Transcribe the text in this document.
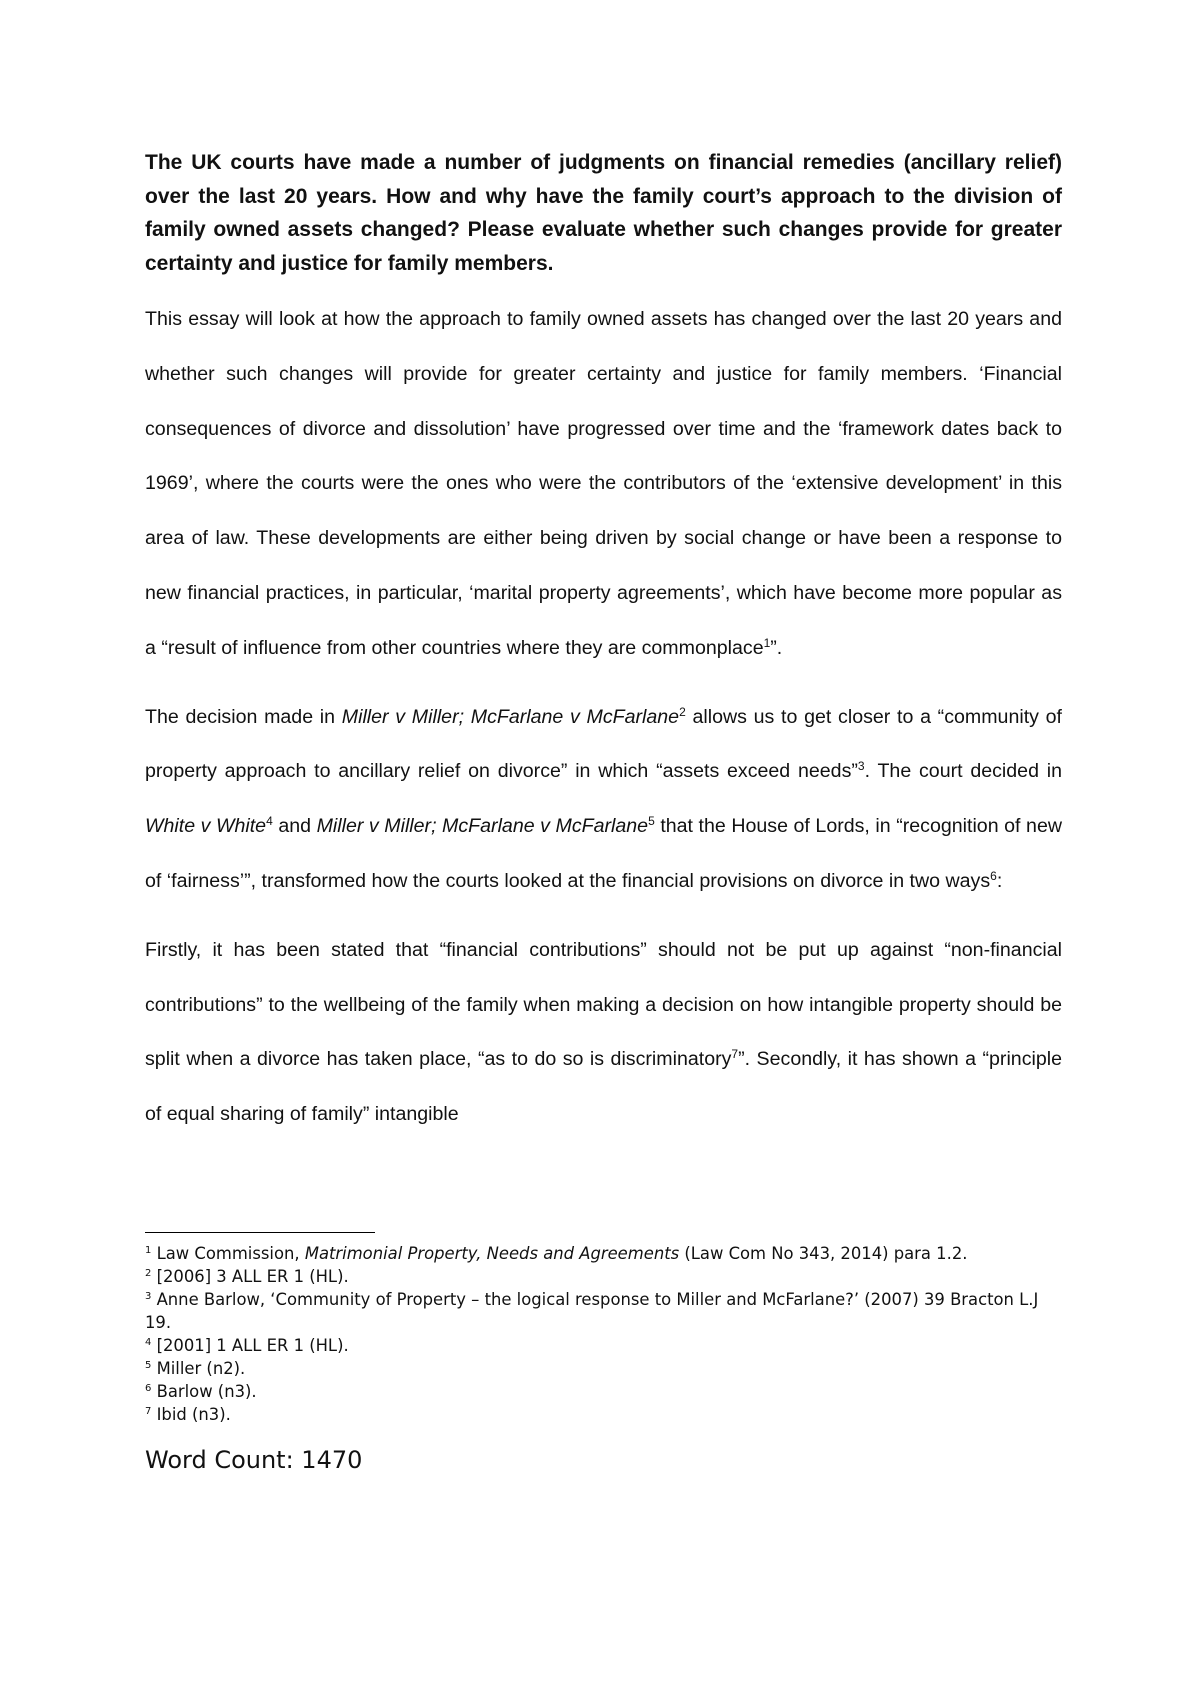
The UK courts have made a number of judgments on financial remedies (ancillary relief) over the last 20 years. How and why have the family court’s approach to the division of family owned assets changed? Please evaluate whether such changes provide for greater certainty and justice for family members.

This essay will look at how the approach to family owned assets has changed over the last 20 years and whether such changes will provide for greater certainty and justice for family members. ‘Financial consequences of divorce and dissolution’ have progressed over time and the ‘framework dates back to 1969’, where the courts were the ones who were the contributors of the ‘extensive development’ in this area of law. These developments are either being driven by social change or have been a response to new financial practices, in particular, ‘marital property agreements’, which have become more popular as a “result of influence from other countries where they are commonplace$^1$”.

The decision made in Miller v Miller; McFarlane v McFarlane$^2$ allows us to get closer to a “community of property approach to ancillary relief on divorce” in which “assets exceed needs”$^3$. The court decided in White v White$^4$ and Miller v Miller; McFarlane v McFarlane$^5$ that the House of Lords, in “recognition of new of ‘fairness’”, transformed how the courts looked at the financial provisions on divorce in two ways$^6$:

Firstly, it has been stated that “financial contributions” should not be put up against “non-financial contributions” to the wellbeing of the family when making a decision on how intangible property should be split when a divorce has taken place, “as to do so is discriminatory$^7$”. Secondly, it has shown a “principle of equal sharing of family” intangible

$^1$ Law Commission, Matrimonial Property, Needs and Agreements (Law Com No 343, 2014) para 1.2.

$^2$ [2006] 3 ALL ER 1 (HL).

$^3$ Anne Barlow, ‘Community of Property – the logical response to Miller and McFarlane?’ (2007) 39 Bracton L.J 19.

$^4$ [2001] 1 ALL ER 1 (HL).

$^5$ Miller (n2).

$^6$ Barlow (n3).

$^7$ Ibid (n3).

Word Count: 1470
